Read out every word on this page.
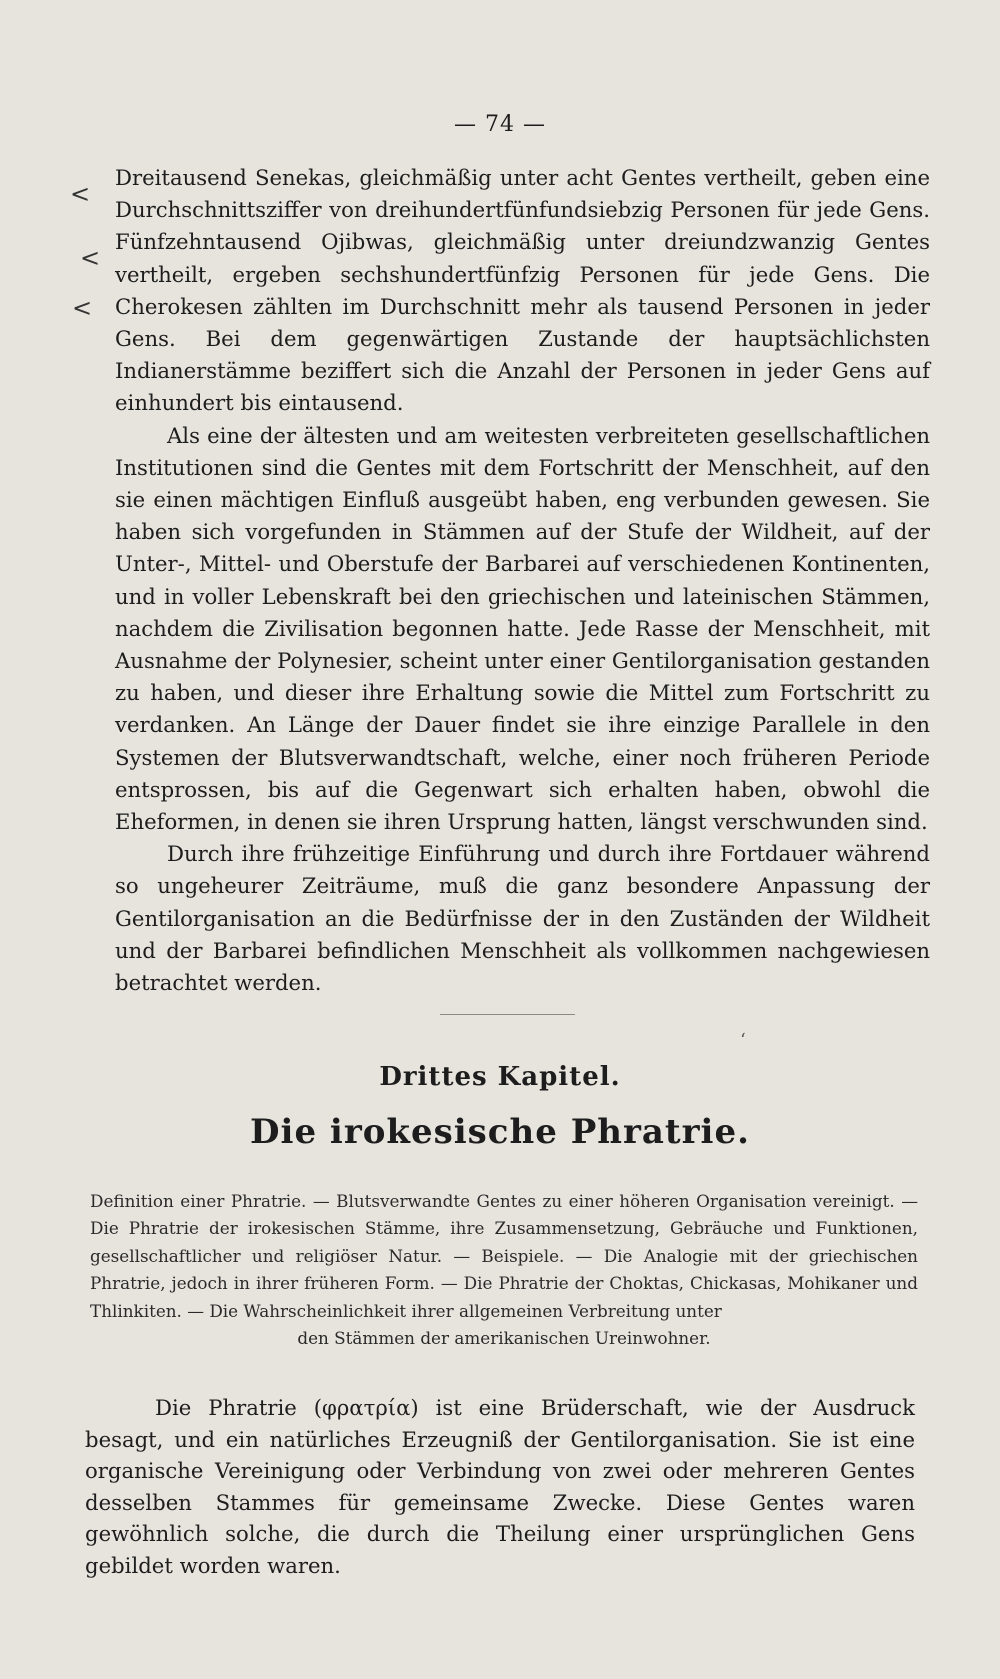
— 74 —
<
<
<

Dreitausend Senekas, gleichmäßig unter acht Gentes vertheilt, geben eine Durchschnittsziffer von dreihundertfünfundsiebzig Personen für jede Gens. Fünfzehntausend Ojibwas, gleichmäßig unter dreiundzwanzig Gentes vertheilt, ergeben sechshundertfünfzig Personen für jede Gens. Die Cherokesen zählten im Durchschnitt mehr als tausend Personen in jeder Gens. Bei dem gegenwärtigen Zustande der hauptsächlichsten Indianerstämme beziffert sich die Anzahl der Personen in jeder Gens auf einhundert bis eintausend.

Als eine der ältesten und am weitesten verbreiteten gesellschaftlichen Institutionen sind die Gentes mit dem Fortschritt der Menschheit, auf den sie einen mächtigen Einfluß ausgeübt haben, eng verbunden gewesen. Sie haben sich vorgefunden in Stämmen auf der Stufe der Wildheit, auf der Unter-, Mittel- und Oberstufe der Barbarei auf verschiedenen Kontinenten, und in voller Lebenskraft bei den griechischen und lateinischen Stämmen, nachdem die Zivilisation begonnen hatte. Jede Rasse der Menschheit, mit Ausnahme der Polynesier, scheint unter einer Gentilorganisation gestanden zu haben, und dieser ihre Erhaltung sowie die Mittel zum Fortschritt zu verdanken. An Länge der Dauer findet sie ihre einzige Parallele in den Systemen der Blutsverwandtschaft, welche, einer noch früheren Periode entsprossen, bis auf die Gegenwart sich erhalten haben, obwohl die Eheformen, in denen sie ihren Ursprung hatten, längst verschwunden sind.

Durch ihre frühzeitige Einführung und durch ihre Fortdauer während so ungeheurer Zeiträume, muß die ganz besondere Anpassung der Gentilorganisation an die Bedürfnisse der in den Zuständen der Wildheit und der Barbarei befindlichen Menschheit als vollkommen nachgewiesen betrachtet werden.

ʻ
Drittes Kapitel.
Die irokesische Phratrie.

Definition einer Phratrie. — Blutsverwandte Gentes zu einer höheren Organisation vereinigt. — Die Phratrie der irokesischen Stämme, ihre Zusammensetzung, Gebräuche und Funktionen, gesellschaftlicher und religiöser Natur. — Beispiele. — Die Analogie mit der griechischen Phratrie, jedoch in ihrer früheren Form. — Die Phratrie der Choktas, Chickasas, Mohikaner und Thlinkiten. — Die Wahrscheinlichkeit ihrer allgemeinen Verbreitung unter

den Stämmen der amerikanischen Ureinwohner.

Die Phratrie (φρατρία) ist eine Brüderschaft, wie der Ausdruck besagt, und ein natürliches Erzeugniß der Gentilorganisation. Sie ist eine organische Vereinigung oder Verbindung von zwei oder mehreren Gentes desselben Stammes für gemeinsame Zwecke. Diese Gentes waren gewöhnlich solche, die durch die Theilung einer ursprünglichen Gens gebildet worden waren.
